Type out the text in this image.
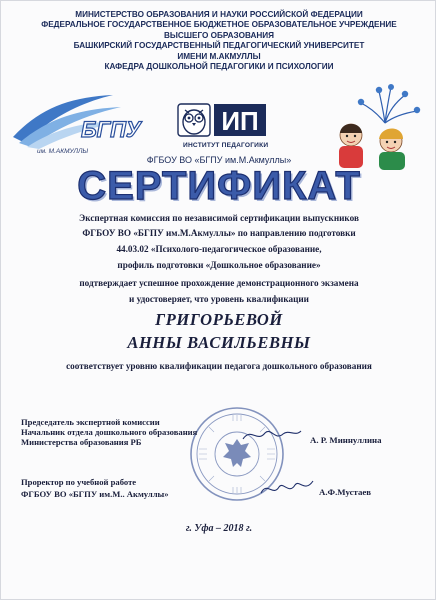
МИНИСТЕРСТВО ОБРАЗОВАНИЯ И НАУКИ РОССИЙСКОЙ ФЕДЕРАЦИИ
ФЕДЕРАЛЬНОЕ ГОСУДАРСТВЕННОЕ БЮДЖЕТНОЕ ОБРАЗОВАТЕЛЬНОЕ УЧРЕЖДЕНИЕ
ВЫСШЕГО ОБРАЗОВАНИЯ
БАШКИРСКИЙ ГОСУДАРСТВЕННЫЙ ПЕДАГОГИЧЕСКИЙ УНИВЕРСИТЕТ
ИМЕНИ М.АКМУЛЛЫ
КАФЕДРА ДОШКОЛЬНОЙ ПЕДАГОГИКИ И ПСИХОЛОГИИ
БГПУ
им. М.АКМУЛЛЫ
ИП
ИНСТИТУТ ПЕДАГОГИКИ
ФГБОУ ВО «БГПУ им.М.Акмуллы»
СЕРТИФИКАТ
Экспертная комиссия по независимой сертификации выпускников
ФГБОУ ВО «БГПУ им.М.Акмуллы» по направлению подготовки
44.03.02 «Психолого-педагогическое образование,
профиль подготовки «Дошкольное образование»
подтверждает успешное прохождение демонстрационного экзамена
и удостоверяет, что уровень квалификации
ГРИГОРЬЕВОЙ
АННЫ ВАСИЛЬЕВНЫ
соответствует уровню квалификации педагога дошкольного образования
Председатель экспертной комиссии
Начальник отдела дошкольного образования
Министерства образования РБ	А. Р. Миннуллина
Проректор по учебной работе
ФГБОУ ВО «БГПУ им.М.. Акмуллы»	А.Ф.Мустаев
г. Уфа – 2018 г.
